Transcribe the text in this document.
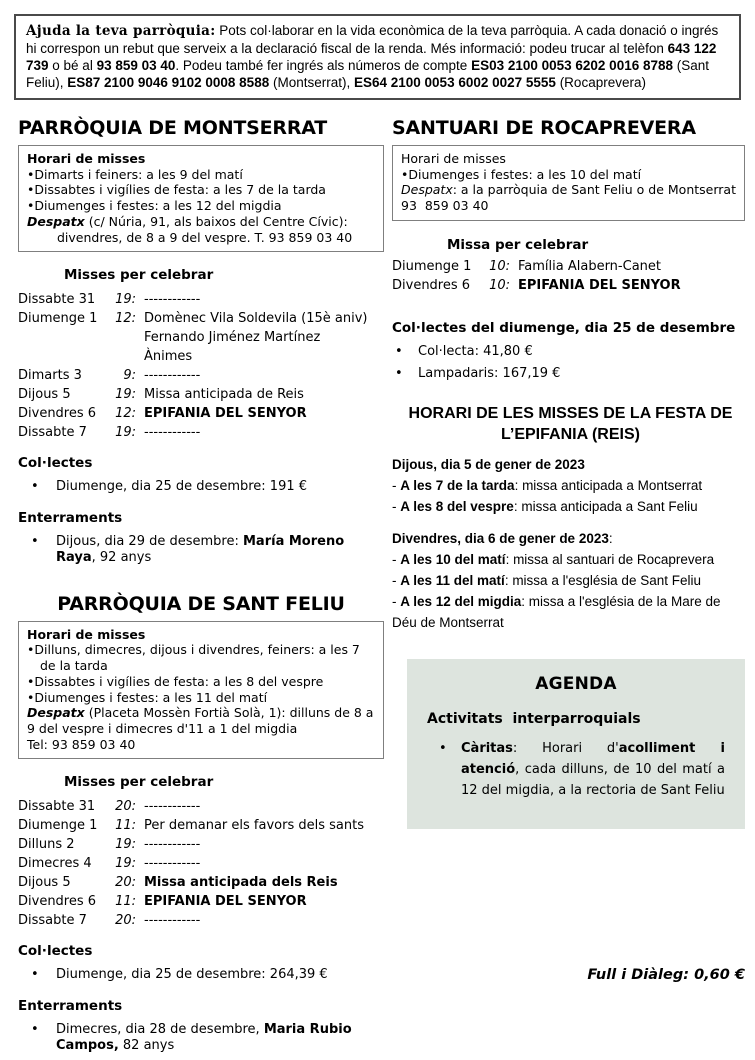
Ajuda la teva parròquia: Pots col·laborar en la vida econòmica de la teva parròquia. A cada donació o ingrés hi correspon un rebut que serveix a la declaració fiscal de la renda. Més informació: podeu trucar al telèfon 643 122 739 o bé al 93 859 03 40. Podeu també fer ingrés als números de compte ES03 2100 0053 6202 0016 8788 (Sant Feliu), ES87 2100 9046 9102 0008 8588 (Montserrat), ES64 2100 0053 6002 0027 5555 (Rocaprevera)
PARRÒQUIA DE MONTSERRAT
Horari de misses
• Dimarts i feiners: a les 9 del matí
• Dissabtes i vigílies de festa: a les 7 de la tarda
• Diumenges i festes: a les 12 del migdia
Despatx (c/ Núria, 91, als baixos del Centre Cívic):
divendres, de 8 a 9 del vespre. T. 93 859 03 40
Misses per celebrar
Dissabte 31	19: ------------
Diumenge 1	12: Domènec Vila Soldevila (15è aniv)
Fernando Jiménez Martínez
Ànimes
Dimarts 3	9: ------------
Dijous 5	19: Missa anticipada de Reis
Divendres 6	12: EPIFANIA DEL SENYOR
Dissabte 7	19: ------------
Col·lectes
• Diumenge, dia 25 de desembre: 191 €
Enterraments
• Dijous, dia 29 de desembre: María Moreno Raya, 92 anys
PARRÒQUIA DE SANT FELIU
Horari de misses
• Dilluns, dimecres, dijous i divendres, feiners: a les 7 de la tarda
• Dissabtes i vigílies de festa: a les 8 del vespre
• Diumenges i festes: a les 11 del matí
Despatx (Placeta Mossèn Fortià Solà, 1): dilluns de 8 a 9 del vespre i dimecres d'11 a 1 del migdia
Tel: 93 859 03 40
Misses per celebrar
Dissabte 31	20: ------------
Diumenge 1	11: Per demanar els favors dels sants
Dilluns 2	19: ------------
Dimecres 4	19: ------------
Dijous 5	20: Missa anticipada dels Reis
Divendres 6	11: EPIFANIA DEL SENYOR
Dissabte 7	20: ------------
Col·lectes
• Diumenge, dia 25 de desembre: 264,39 €
Enterraments
• Dimecres, dia 28 de desembre, Maria Rubio Campos, 82 anys
SANTUARI DE ROCAPREVERA
Horari de misses
• Diumenges i festes: a les 10 del matí
Despatx: a la parròquia de Sant Feliu o de Montserrat
93  859 03 40
Missa per celebrar
Diumenge 1	10: Família Alabern-Canet
Divendres 6	10: EPIFANIA DEL SENYOR
Col·lectes del diumenge, dia 25 de desembre
• Col·lecta: 41,80 €
• Lampadaris: 167,19 €
HORARI DE LES MISSES DE LA FESTA DE L’EPIFANIA (REIS)
Dijous, dia 5 de gener de 2023
- A les 7 de la tarda: missa anticipada a Montserrat
- A les 8 del vespre: missa anticipada a Sant Feliu
Divendres, dia 6 de gener de 2023:
- A les 10 del matí: missa al santuari de Rocaprevera
- A les 11 del matí: missa a l'església de Sant Feliu
- A les 12 del migdia: missa a l'església de la Mare de Déu de Montserrat
AGENDA
Activitats  interparroquials
• Càritas: Horari d'acolliment i atenció, cada dilluns, de 10 del matí a 12 del migdia, a la rectoria de Sant Feliu
Full i Diàleg: 0,60 €
